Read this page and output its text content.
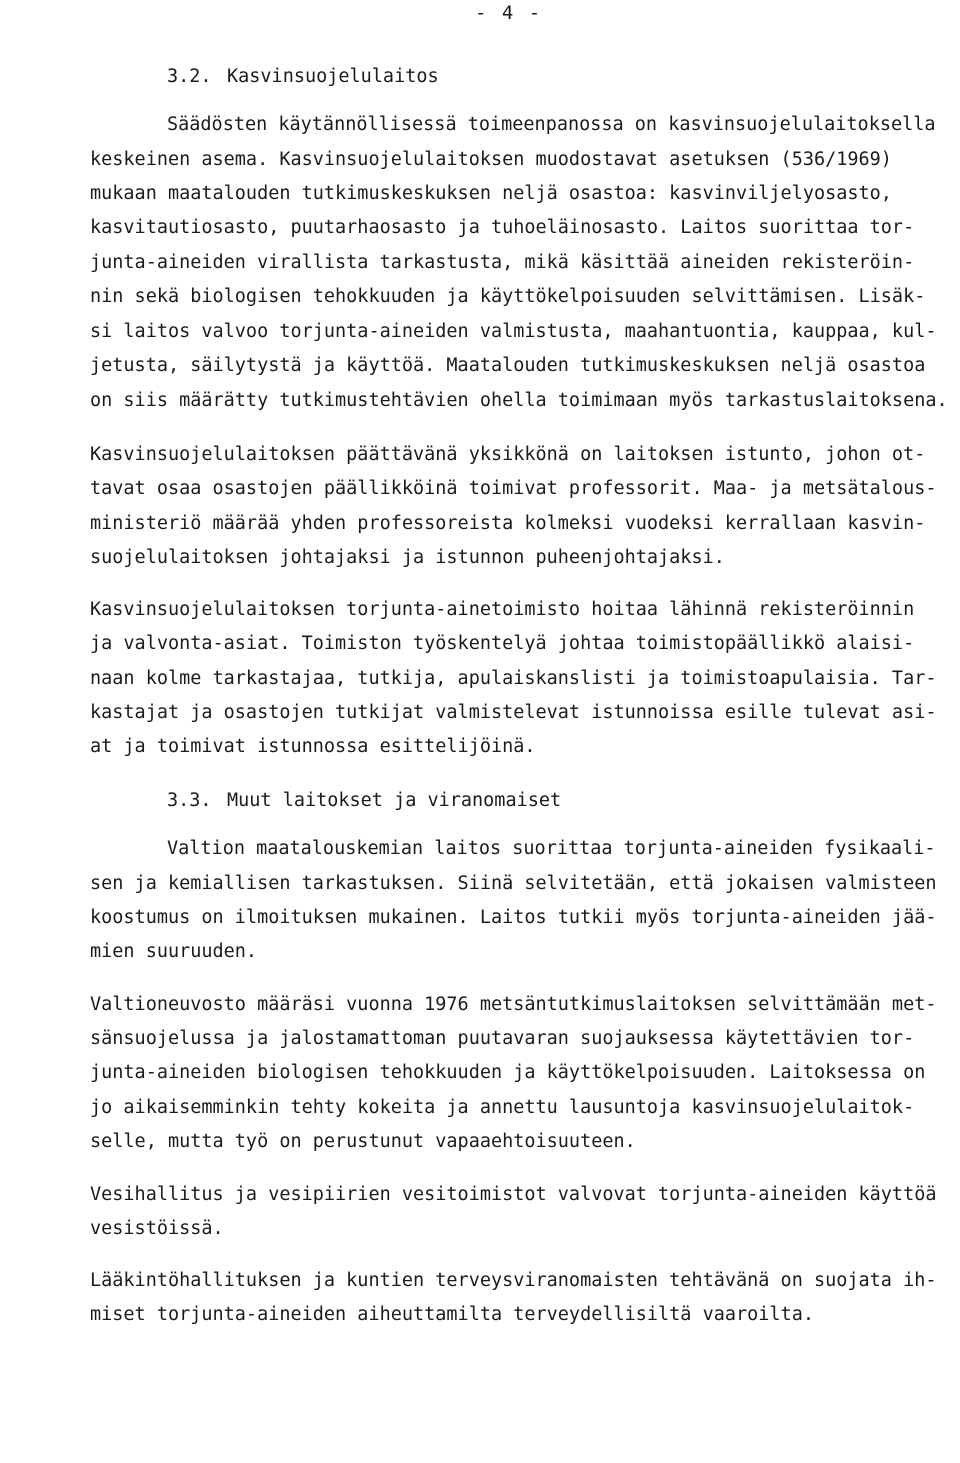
- 4 -
3.2. Kasvinsuojelulaitos
Säädösten käytännöllisessä toimeenpanossa on kasvinsuojelulaitoksella
keskeinen asema. Kasvinsuojelulaitoksen muodostavat asetuksen (536/1969)
mukaan maatalouden tutkimuskeskuksen neljä osastoa: kasvinviljelyosasto,
kasvitautiosasto, puutarhaosasto ja tuhoeläinosasto. Laitos suorittaa tor-
junta-aineiden virallista tarkastusta, mikä käsittää aineiden rekisteröin-
nin sekä biologisen tehokkuuden ja käyttökelpoisuuden selvittämisen. Lisäk-
si laitos valvoo torjunta-aineiden valmistusta, maahantuontia, kauppaa, kul-
jetusta, säilytystä ja käyttöä. Maatalouden tutkimuskeskuksen neljä osastoa
on siis määrätty tutkimustehtävien ohella toimimaan myös tarkastuslaitoksena.
Kasvinsuojelulaitoksen päättävänä yksikkönä on laitoksen istunto, johon ot-
tavat osaa osastojen päällikköinä toimivat professorit. Maa- ja metsätalous-
ministeriö määrää yhden professoreista kolmeksi vuodeksi kerrallaan kasvin-
suojelulaitoksen johtajaksi ja istunnon puheenjohtajaksi.
Kasvinsuojelulaitoksen torjunta-ainetoimisto hoitaa lähinnä rekisteröinnin
ja valvonta-asiat. Toimiston työskentelyä johtaa toimistopäällikkö alaisi-
naan kolme tarkastajaa, tutkija, apulaiskanslisti ja toimistoapulaisia. Tar-
kastajat ja osastojen tutkijat valmistelevat istunnoissa esille tulevat asi-
at ja toimivat istunnossa esittelijöinä.
3.3. Muut laitokset ja viranomaiset
Valtion maatalouskemian laitos suorittaa torjunta-aineiden fysikaali-
sen ja kemiallisen tarkastuksen. Siinä selvitetään, että jokaisen valmisteen
koostumus on ilmoituksen mukainen. Laitos tutkii myös torjunta-aineiden jää-
mien suuruuden.
Valtioneuvosto määräsi vuonna 1976 metsäntutkimuslaitoksen selvittämään met-
sänsuojelussa ja jalostamattoman puutavaran suojauksessa käytettävien tor-
junta-aineiden biologisen tehokkuuden ja käyttökelpoisuuden. Laitoksessa on
jo aikaisemminkin tehty kokeita ja annettu lausuntoja kasvinsuojelulaitok-
selle, mutta työ on perustunut vapaaehtoisuuteen.
Vesihallitus ja vesipiirien vesitoimistot valvovat torjunta-aineiden käyttöä
vesistöissä.
Lääkintöhallituksen ja kuntien terveysviranomaisten tehtävänä on suojata ih-
miset torjunta-aineiden aiheuttamilta terveydellisiltä vaaroilta.
